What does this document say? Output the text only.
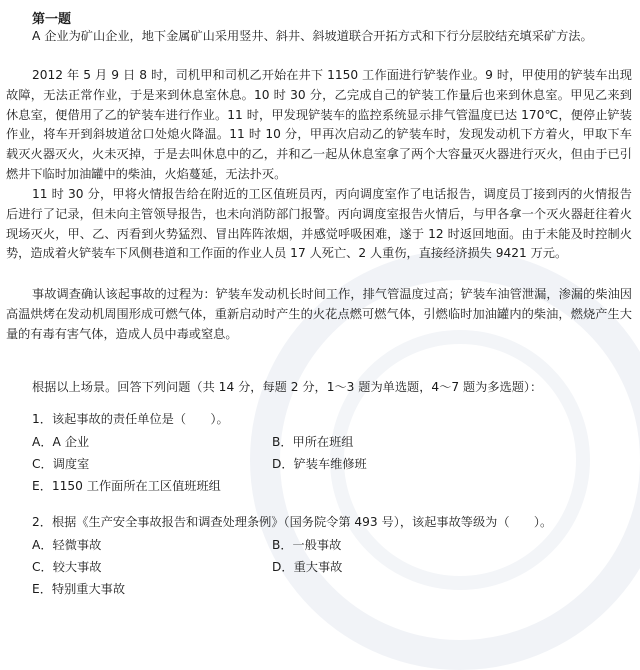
第一题

A 企业为矿山企业，地下金属矿山采用竖井、斜井、斜坡道联合开拓方式和下行分层胶结充填采矿方法。

2012 年 5 月 9 日 8 时，司机甲和司机乙开始在井下 1150 工作面进行铲装作业。9 时，甲使用的铲装车出现故障，无法正常作业，于是来到休息室休息。10 时 30 分，乙完成自己的铲装工作量后也来到休息室。甲见乙来到休息室，便借用了乙的铲装车进行作业。11 时，甲发现铲装车的监控系统显示排气管温度已达 170℃，便停止铲装作业，将车开到斜坡道岔口处熄火降温。11 时 10 分，甲再次启动乙的铲装车时，发现发动机下方着火，甲取下车载灭火器灭火，火未灭掉，于是去叫休息中的乙，并和乙一起从休息室拿了两个大容量灭火器进行灭火，但由于已引燃井下临时加油罐中的柴油，火焰蔓延，无法扑灭。

11 时 30 分，甲将火情报告给在附近的工区值班员丙，丙向调度室作了电话报告，调度员丁接到丙的火情报告后进行了记录，但未向主管领导报告，也未向消防部门报警。丙向调度室报告火情后，与甲各拿一个灭火器赶往着火现场灭火，甲、乙、丙看到火势猛烈、冒出阵阵浓烟，并感觉呼吸困难，遂于 12 时返回地面。由于未能及时控制火势，造成着火铲装车下风侧巷道和工作面的作业人员 17 人死亡、2 人重伤，直接经济损失 9421 万元。

事故调查确认该起事故的过程为：铲装车发动机长时间工作，排气管温度过高；铲装车油管泄漏，渗漏的柴油因高温烘烤在发动机周围形成可燃气体，重新启动时产生的火花点燃可燃气体，引燃临时加油罐内的柴油，燃烧产生大量的有毒有害气体，造成人员中毒或窒息。

根据以上场景。回答下列问题（共 14 分，每题 2 分，1～3 题为单选题，4～7 题为多选题）：
1．该起事故的责任单位是（　　）。
A．A 企业	B．甲所在班组
C．调度室	D．铲装车维修班
E．1150 工作面所在工区值班班组
2．根据《生产安全事故报告和调查处理条例》（国务院令第 493 号），该起事故等级为（　　）。
A．轻微事故	B．一般事故
C．较大事故	D．重大事故
E．特别重大事故
